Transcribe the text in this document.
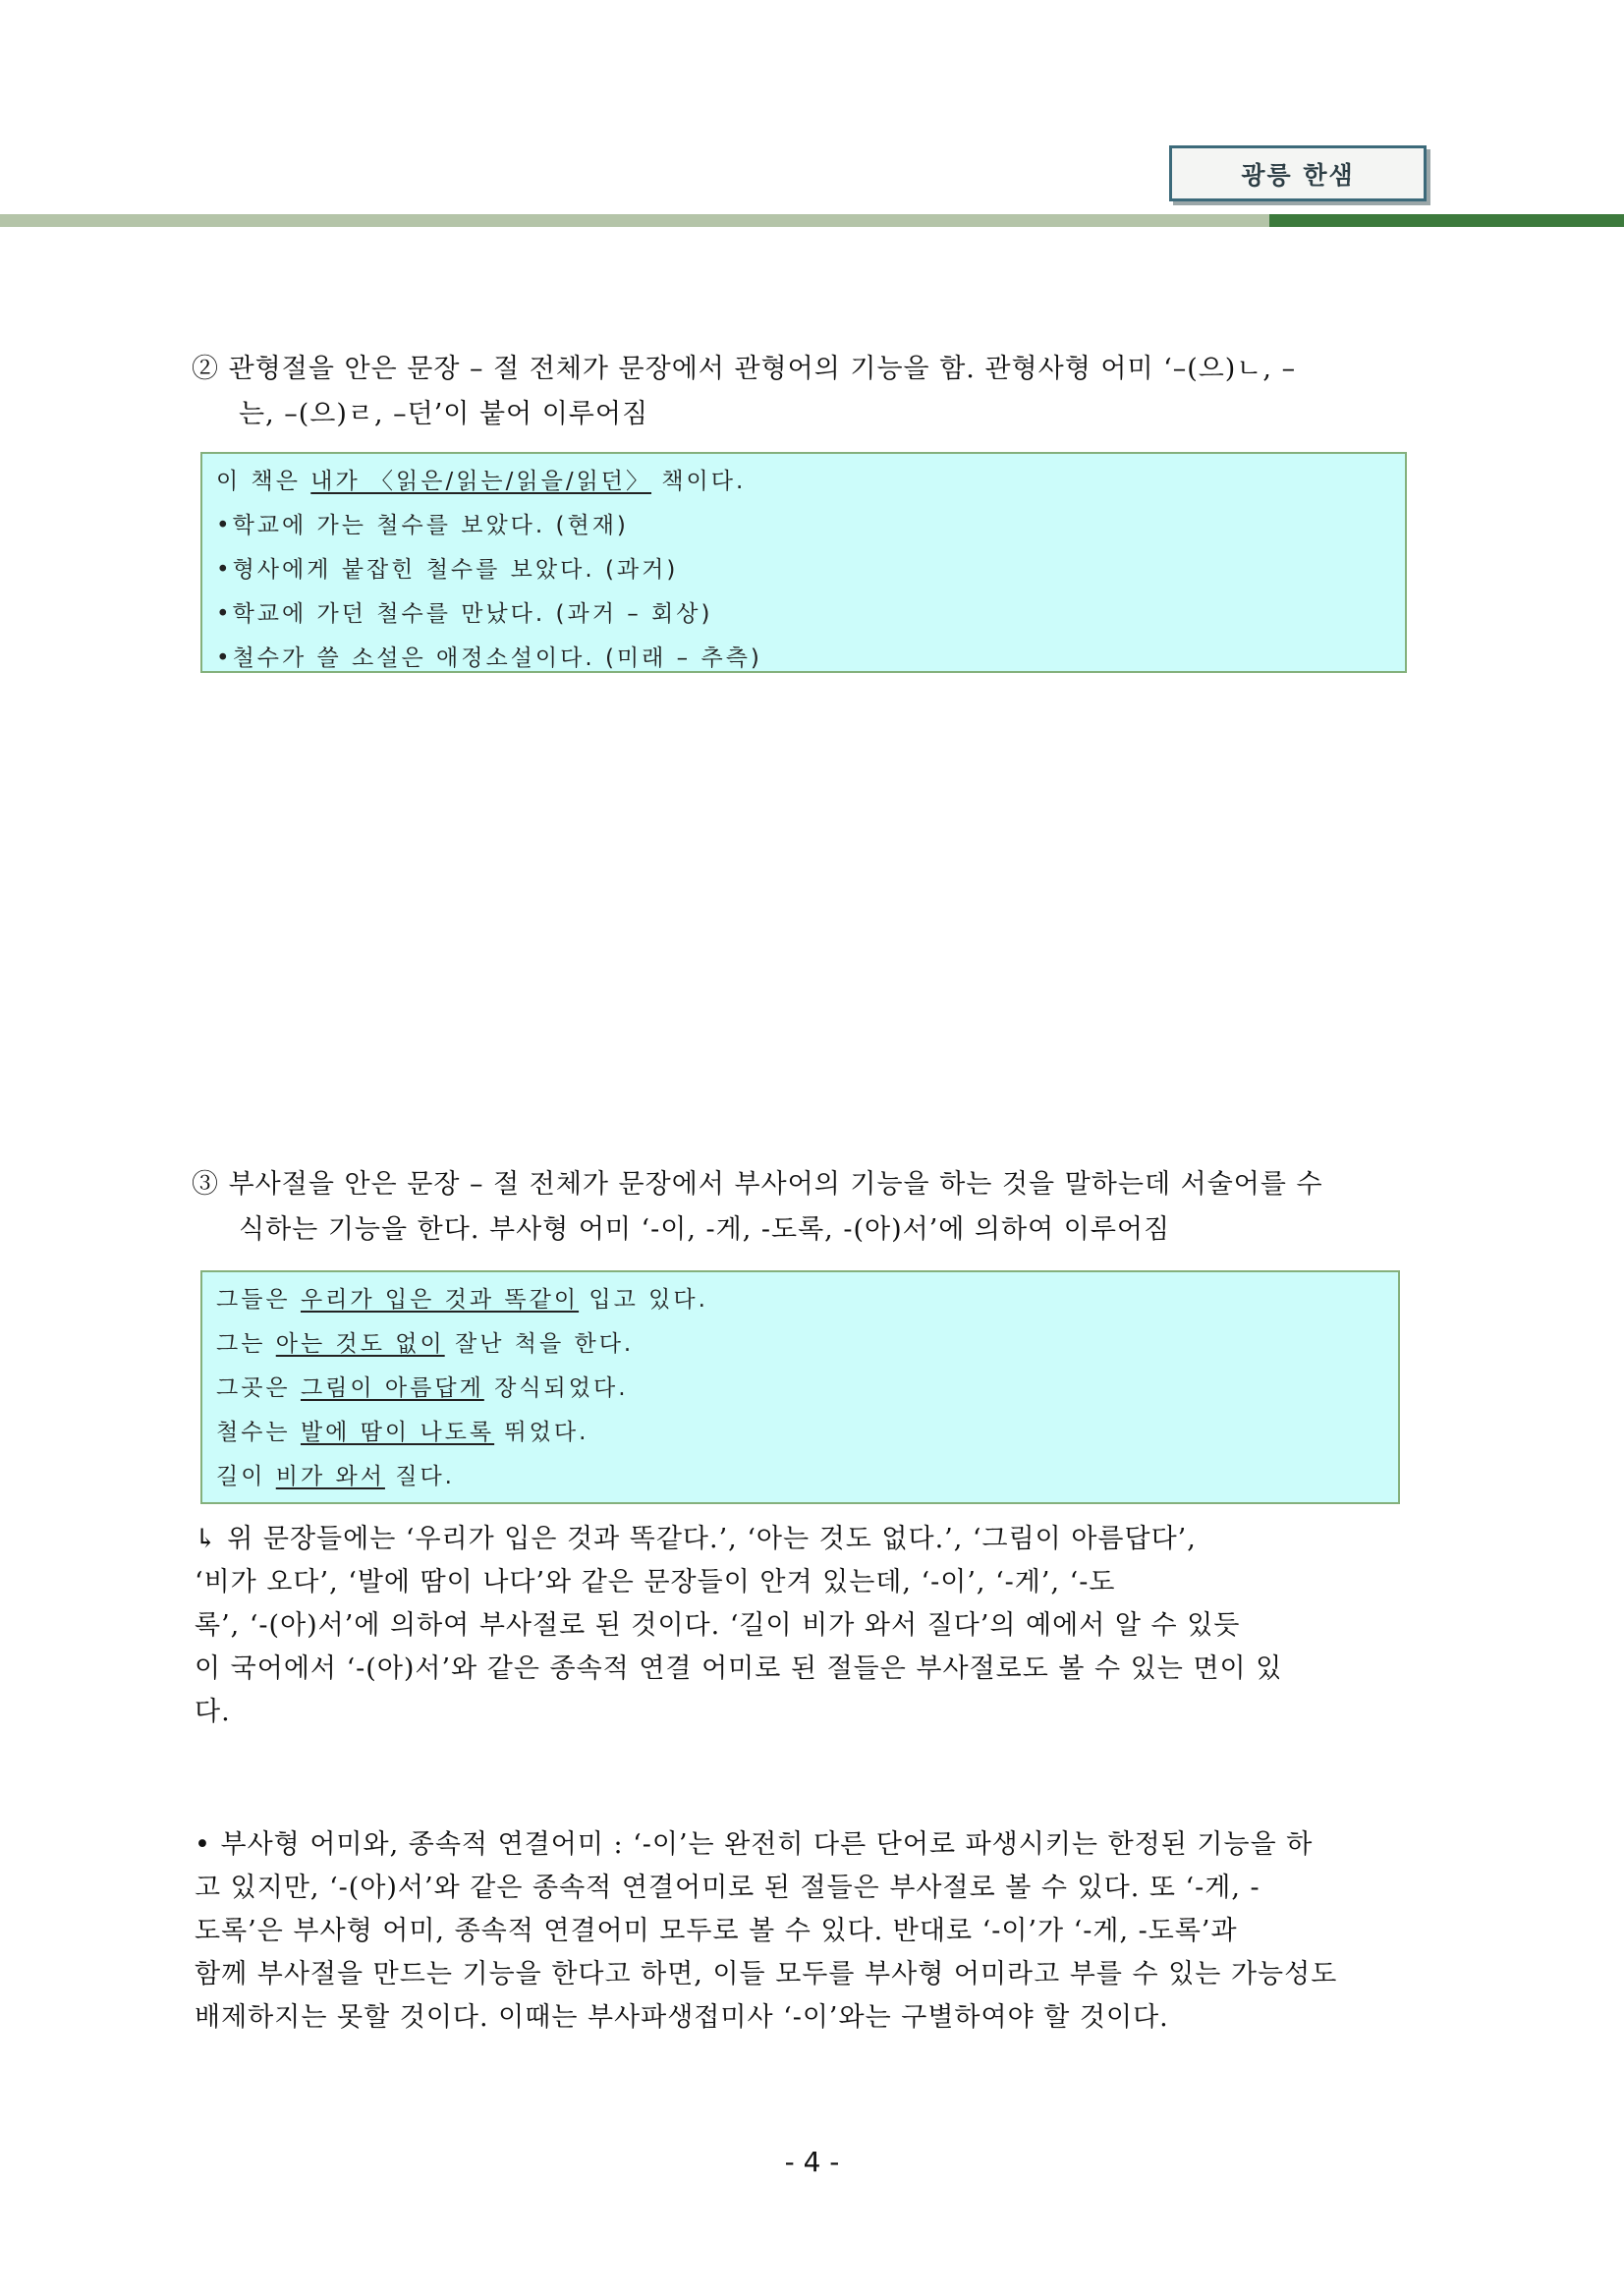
광릉 한샘

② 관형절을 안은 문장 – 절 전체가 문장에서 관형어의 기능을 함. 관형사형 어미 ‘–(으)ㄴ, –

는, –(으)ㄹ, –던’이 붙어 이루어짐

이 책은 내가 〈읽은/읽는/읽을/읽던〉 책이다.
•학교에 가는 철수를 보았다. (현재)
•형사에게 붙잡힌 철수를 보았다. (과거)
•학교에 가던 철수를 만났다. (과거 – 회상)
•철수가 쓸 소설은 애정소설이다. (미래 – 추측)

③ 부사절을 안은 문장 – 절 전체가 문장에서 부사어의 기능을 하는 것을 말하는데 서술어를 수

식하는 기능을 한다. 부사형 어미 ‘-이, -게, -도록, -(아)서’에 의하여 이루어짐

그들은 우리가 입은 것과 똑같이 입고 있다.
그는 아는 것도 없이 잘난 척을 한다.
그곳은 그림이 아름답게 장식되었다.
철수는 발에 땀이 나도록 뛰었다.
길이 비가 와서 질다.

↳ 위 문장들에는 ‘우리가 입은 것과 똑같다.’, ‘아는 것도 없다.’, ‘그림이 아름답다’,

‘비가 오다’, ‘발에 땀이 나다’와 같은 문장들이 안겨 있는데, ‘-이’, ‘-게’, ‘-도

록’, ‘-(아)서’에 의하여 부사절로 된 것이다. ‘길이 비가 와서 질다’의 예에서 알 수 있듯

이 국어에서 ‘-(아)서’와 같은 종속적 연결 어미로 된 절들은 부사절로도 볼 수 있는 면이 있

다.

• 부사형 어미와, 종속적 연결어미 : ‘-이’는 완전히 다른 단어로 파생시키는 한정된 기능을 하

고 있지만, ‘-(아)서’와 같은 종속적 연결어미로 된 절들은 부사절로 볼 수 있다. 또 ‘-게, -

도록’은 부사형 어미, 종속적 연결어미 모두로 볼 수 있다. 반대로 ‘-이’가 ‘-게, -도록’과

함께 부사절을 만드는 기능을 한다고 하면, 이들 모두를 부사형 어미라고 부를 수 있는 가능성도

배제하지는 못할 것이다. 이때는 부사파생접미사 ‘-이’와는 구별하여야 할 것이다.

- 4 -
